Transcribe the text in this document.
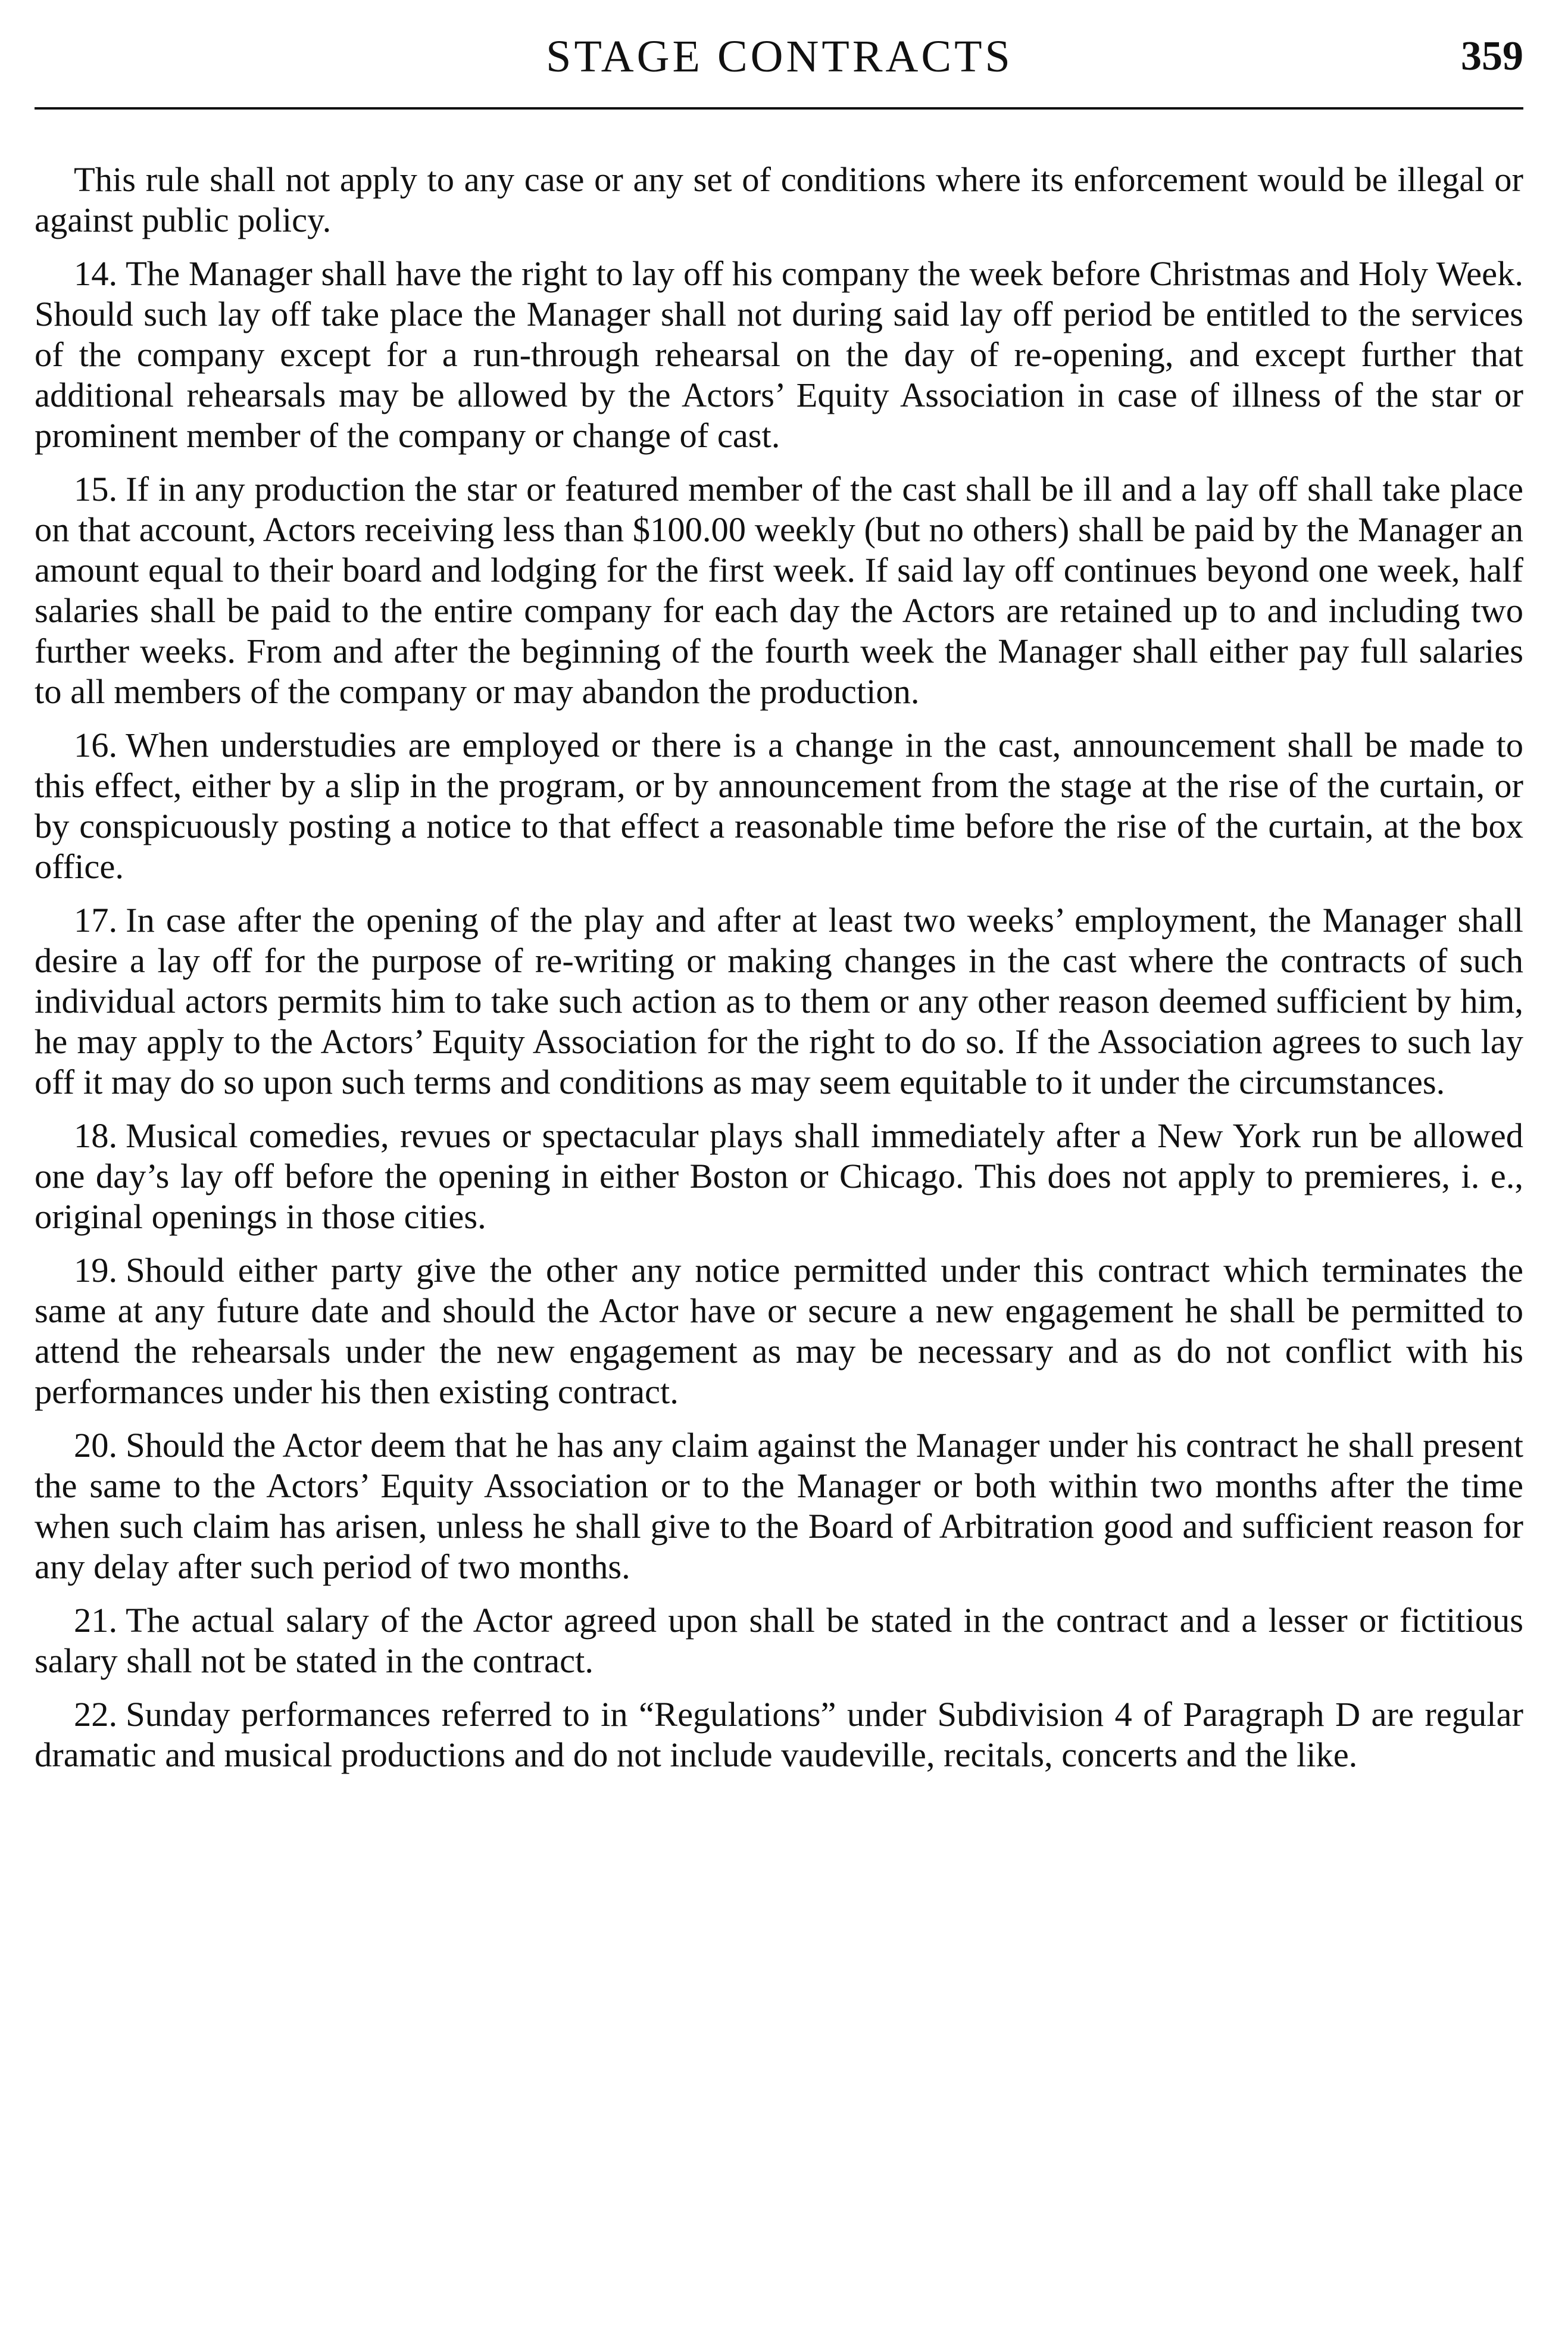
STAGE CONTRACTS	359

This rule shall not apply to any case or any set of conditions where its enforcement would be illegal or against public policy.

14. The Manager shall have the right to lay off his company the week before Christmas and Holy Week. Should such lay off take place the Manager shall not during said lay off period be entitled to the services of the company except for a run-through rehearsal on the day of re-opening, and except further that additional rehearsals may be allowed by the Actors’ Equity Association in case of illness of the star or prominent member of the company or change of cast.

15. If in any production the star or featured member of the cast shall be ill and a lay off shall take place on that account, Actors receiving less than $100.00 weekly (but no others) shall be paid by the Manager an amount equal to their board and lodging for the first week. If said lay off continues beyond one week, half salaries shall be paid to the entire company for each day the Actors are retained up to and including two further weeks. From and after the beginning of the fourth week the Manager shall either pay full salaries to all members of the company or may abandon the production.

16. When understudies are employed or there is a change in the cast, announcement shall be made to this effect, either by a slip in the program, or by announcement from the stage at the rise of the curtain, or by conspicuously posting a notice to that effect a reasonable time before the rise of the curtain, at the box office.

17. In case after the opening of the play and after at least two weeks’ employment, the Manager shall desire a lay off for the purpose of re-writing or making changes in the cast where the contracts of such individual actors permits him to take such action as to them or any other reason deemed sufficient by him, he may apply to the Actors’ Equity Association for the right to do so. If the Association agrees to such lay off it may do so upon such terms and conditions as may seem equitable to it under the circumstances.

18. Musical comedies, revues or spectacular plays shall immediately after a New York run be allowed one day’s lay off before the opening in either Boston or Chicago. This does not apply to premieres, i. e., original openings in those cities.

19. Should either party give the other any notice permitted under this contract which terminates the same at any future date and should the Actor have or secure a new engagement he shall be permitted to attend the rehearsals under the new engagement as may be necessary and as do not conflict with his performances under his then existing contract.

20. Should the Actor deem that he has any claim against the Manager under his contract he shall present the same to the Actors’ Equity Association or to the Manager or both within two months after the time when such claim has arisen, unless he shall give to the Board of Arbitration good and sufficient reason for any delay after such period of two months.

21. The actual salary of the Actor agreed upon shall be stated in the contract and a lesser or fictitious salary shall not be stated in the contract.

22. Sunday performances referred to in “Regulations” under Subdivision 4 of Paragraph D are regular dramatic and musical productions and do not include vaudeville, recitals, concerts and the like.
